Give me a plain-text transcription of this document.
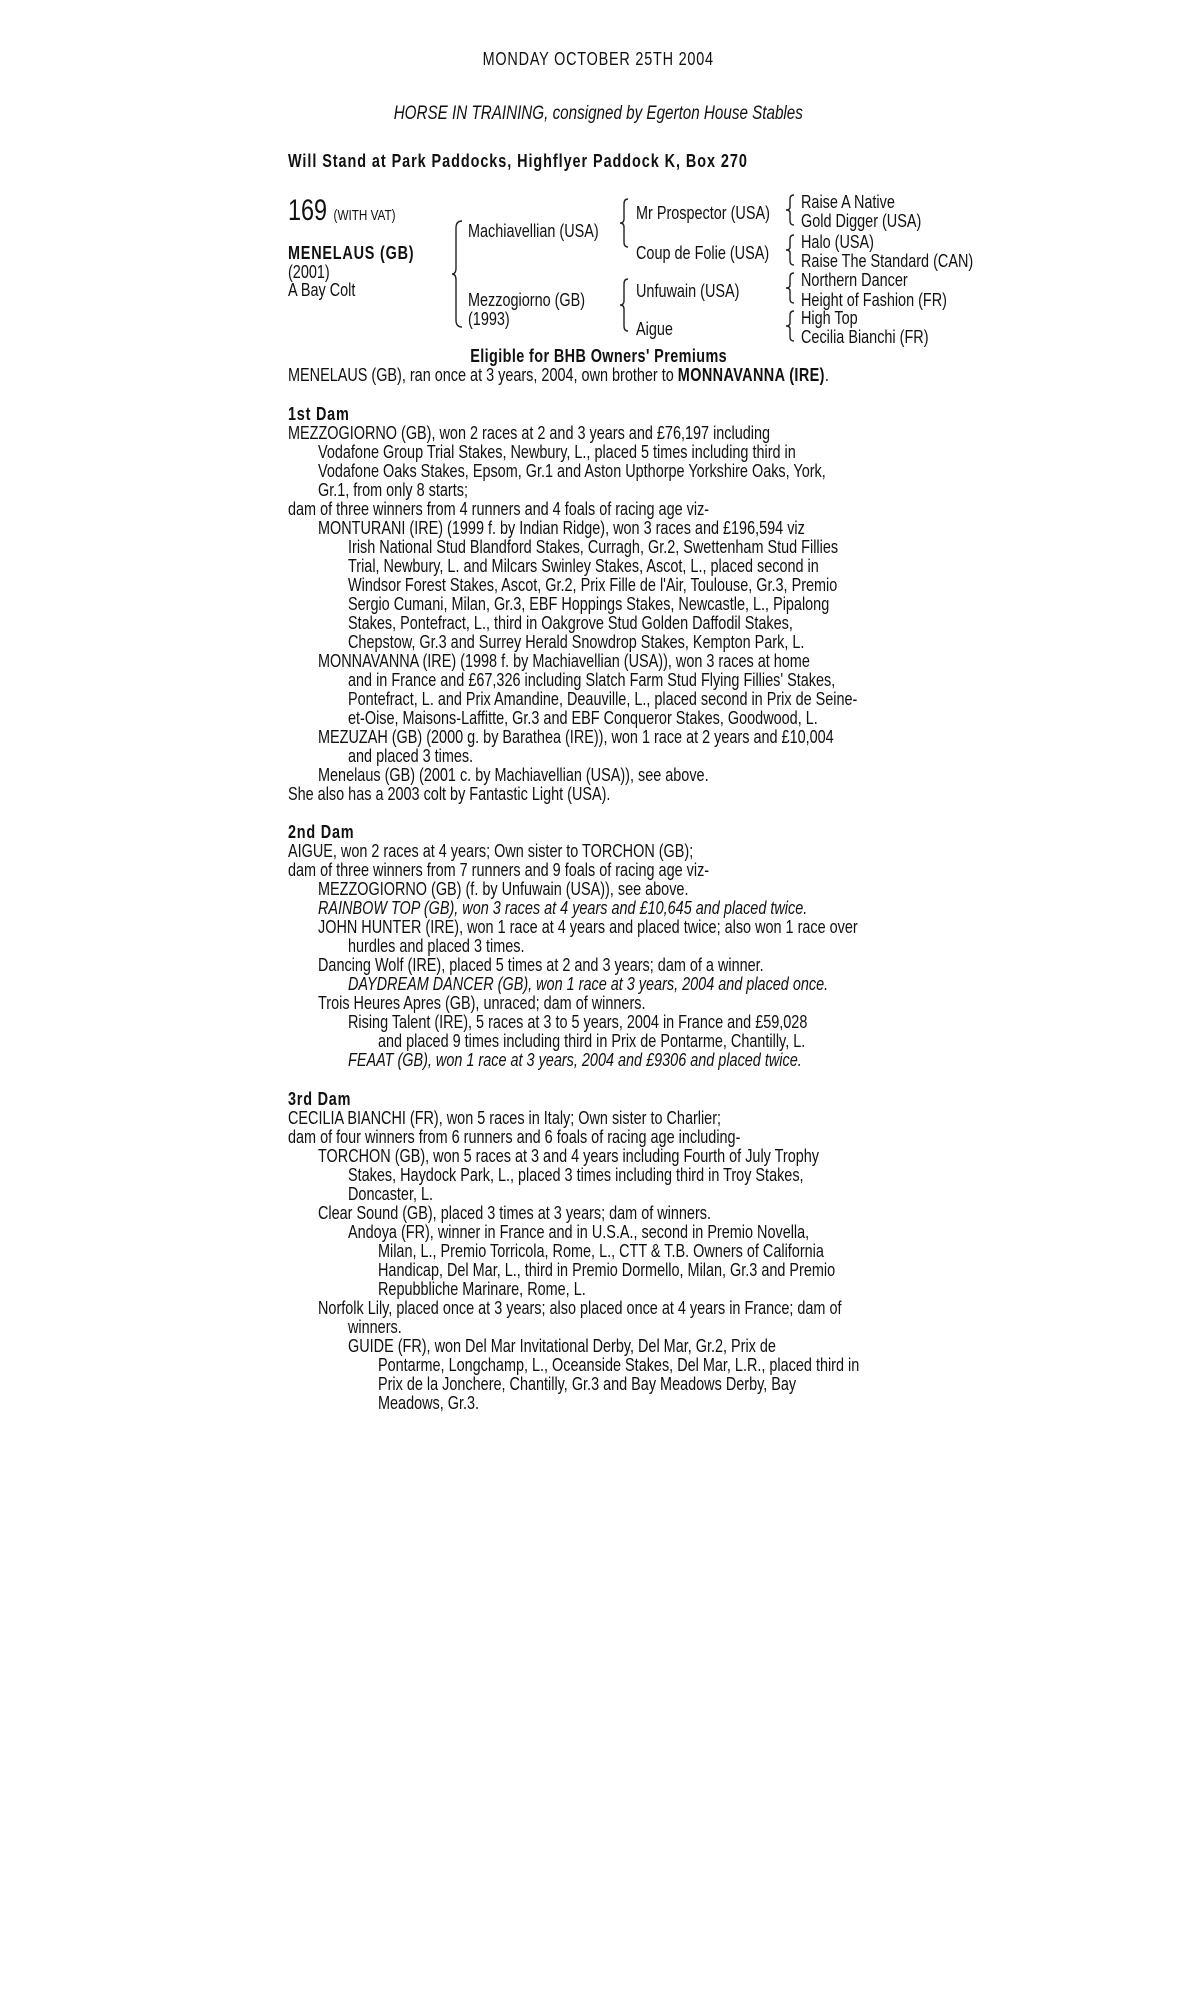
MONDAY OCTOBER 25TH 2004
HORSE IN TRAINING, consigned by Egerton House Stables
Will Stand at Park Paddocks, Highflyer Paddock K, Box 270
169 (WITH VAT)
MENELAUS (GB)
(2001)
A Bay Colt
Machiavellian (USA)
Mezzogiorno (GB)
(1993)
Mr Prospector (USA)
Coup de Folie (USA)
Unfuwain (USA)
Aigue
Raise A Native
Gold Digger (USA)
Halo (USA)
Raise The Standard (CAN)
Northern Dancer
Height of Fashion (FR)
High Top
Cecilia Bianchi (FR)
Eligible for BHB Owners' Premiums
MENELAUS (GB), ran once at 3 years, 2004, own brother to MONNAVANNA (IRE).
1st Dam
MEZZOGIORNO (GB), won 2 races at 2 and 3 years and £76,197 including
Vodafone Group Trial Stakes, Newbury, L., placed 5 times including third in
Vodafone Oaks Stakes, Epsom, Gr.1 and Aston Upthorpe Yorkshire Oaks, York,
Gr.1, from only 8 starts;
dam of three winners from 4 runners and 4 foals of racing age viz-
MONTURANI (IRE) (1999 f. by Indian Ridge), won 3 races and £196,594 viz
Irish National Stud Blandford Stakes, Curragh, Gr.2, Swettenham Stud Fillies
Trial, Newbury, L. and Milcars Swinley Stakes, Ascot, L., placed second in
Windsor Forest Stakes, Ascot, Gr.2, Prix Fille de l'Air, Toulouse, Gr.3, Premio
Sergio Cumani, Milan, Gr.3, EBF Hoppings Stakes, Newcastle, L., Pipalong
Stakes, Pontefract, L., third in Oakgrove Stud Golden Daffodil Stakes,
Chepstow, Gr.3 and Surrey Herald Snowdrop Stakes, Kempton Park, L.
MONNAVANNA (IRE) (1998 f. by Machiavellian (USA)), won 3 races at home
and in France and £67,326 including Slatch Farm Stud Flying Fillies' Stakes,
Pontefract, L. and Prix Amandine, Deauville, L., placed second in Prix de Seine-
et-Oise, Maisons-Laffitte, Gr.3 and EBF Conqueror Stakes, Goodwood, L.
MEZUZAH (GB) (2000 g. by Barathea (IRE)), won 1 race at 2 years and £10,004
and placed 3 times.
Menelaus (GB) (2001 c. by Machiavellian (USA)), see above.
She also has a 2003 colt by Fantastic Light (USA).
2nd Dam
AIGUE, won 2 races at 4 years; Own sister to TORCHON (GB);
dam of three winners from 7 runners and 9 foals of racing age viz-
MEZZOGIORNO (GB) (f. by Unfuwain (USA)), see above.
RAINBOW TOP (GB), won 3 races at 4 years and £10,645 and placed twice.
JOHN HUNTER (IRE), won 1 race at 4 years and placed twice; also won 1 race over
hurdles and placed 3 times.
Dancing Wolf (IRE), placed 5 times at 2 and 3 years; dam of a winner.
DAYDREAM DANCER (GB), won 1 race at 3 years, 2004 and placed once.
Trois Heures Apres (GB), unraced; dam of winners.
Rising Talent (IRE), 5 races at 3 to 5 years, 2004 in France and £59,028
and placed 9 times including third in Prix de Pontarme, Chantilly, L.
FEAAT (GB), won 1 race at 3 years, 2004 and £9306 and placed twice.
3rd Dam
CECILIA BIANCHI (FR), won 5 races in Italy; Own sister to Charlier;
dam of four winners from 6 runners and 6 foals of racing age including-
TORCHON (GB), won 5 races at 3 and 4 years including Fourth of July Trophy
Stakes, Haydock Park, L., placed 3 times including third in Troy Stakes,
Doncaster, L.
Clear Sound (GB), placed 3 times at 3 years; dam of winners.
Andoya (FR), winner in France and in U.S.A., second in Premio Novella,
Milan, L., Premio Torricola, Rome, L., CTT & T.B. Owners of California
Handicap, Del Mar, L., third in Premio Dormello, Milan, Gr.3 and Premio
Repubbliche Marinare, Rome, L.
Norfolk Lily, placed once at 3 years; also placed once at 4 years in France; dam of
winners.
GUIDE (FR), won Del Mar Invitational Derby, Del Mar, Gr.2, Prix de
Pontarme, Longchamp, L., Oceanside Stakes, Del Mar, L.R., placed third in
Prix de la Jonchere, Chantilly, Gr.3 and Bay Meadows Derby, Bay
Meadows, Gr.3.
